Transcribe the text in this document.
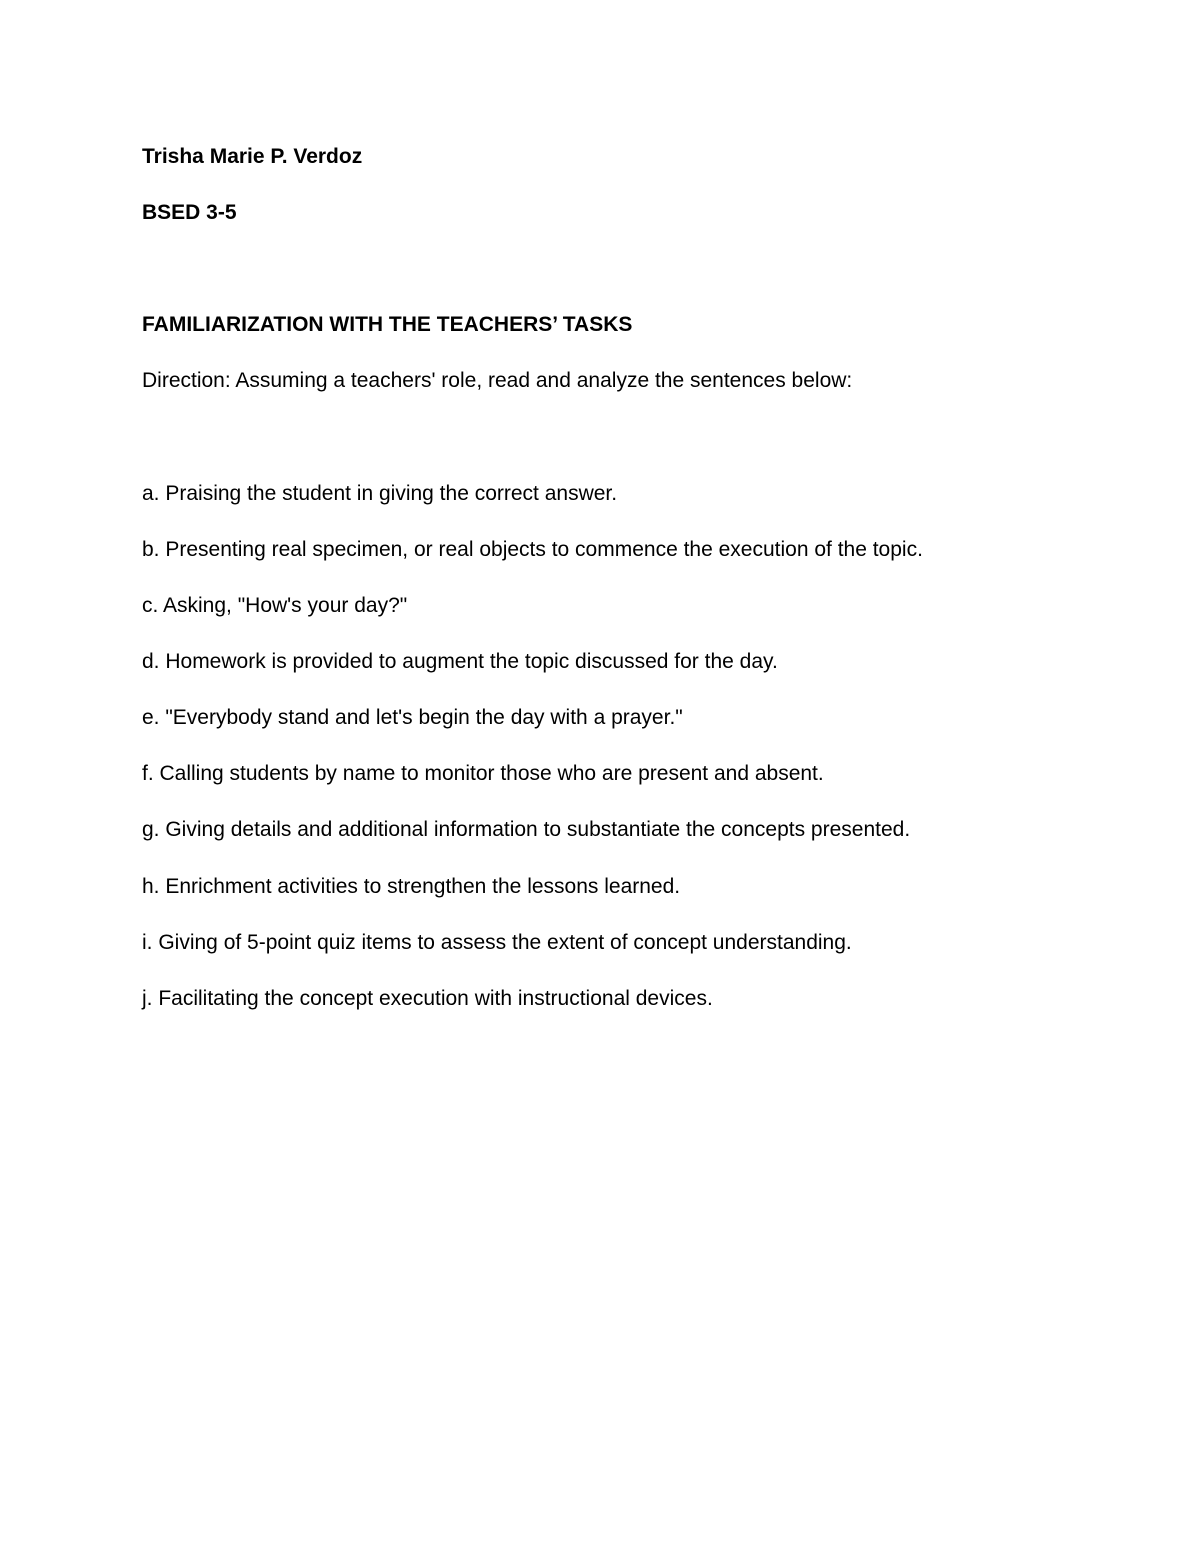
Trisha Marie P. Verdoz
BSED 3-5
FAMILIARIZATION WITH THE TEACHERS’ TASKS
Direction: Assuming a teachers' role, read and analyze the sentences below:
a. Praising the student in giving the correct answer.
b. Presenting real specimen, or real objects to commence the execution of the topic.
c. Asking, "How's your day?"
d. Homework is provided to augment the topic discussed for the day.
e. "Everybody stand and let's begin the day with a prayer."
f. Calling students by name to monitor those who are present and absent.
g. Giving details and additional information to substantiate the concepts presented.
h. Enrichment activities to strengthen the lessons learned.
i. Giving of 5-point quiz items to assess the extent of concept understanding.
j. Facilitating the concept execution with instructional devices.
